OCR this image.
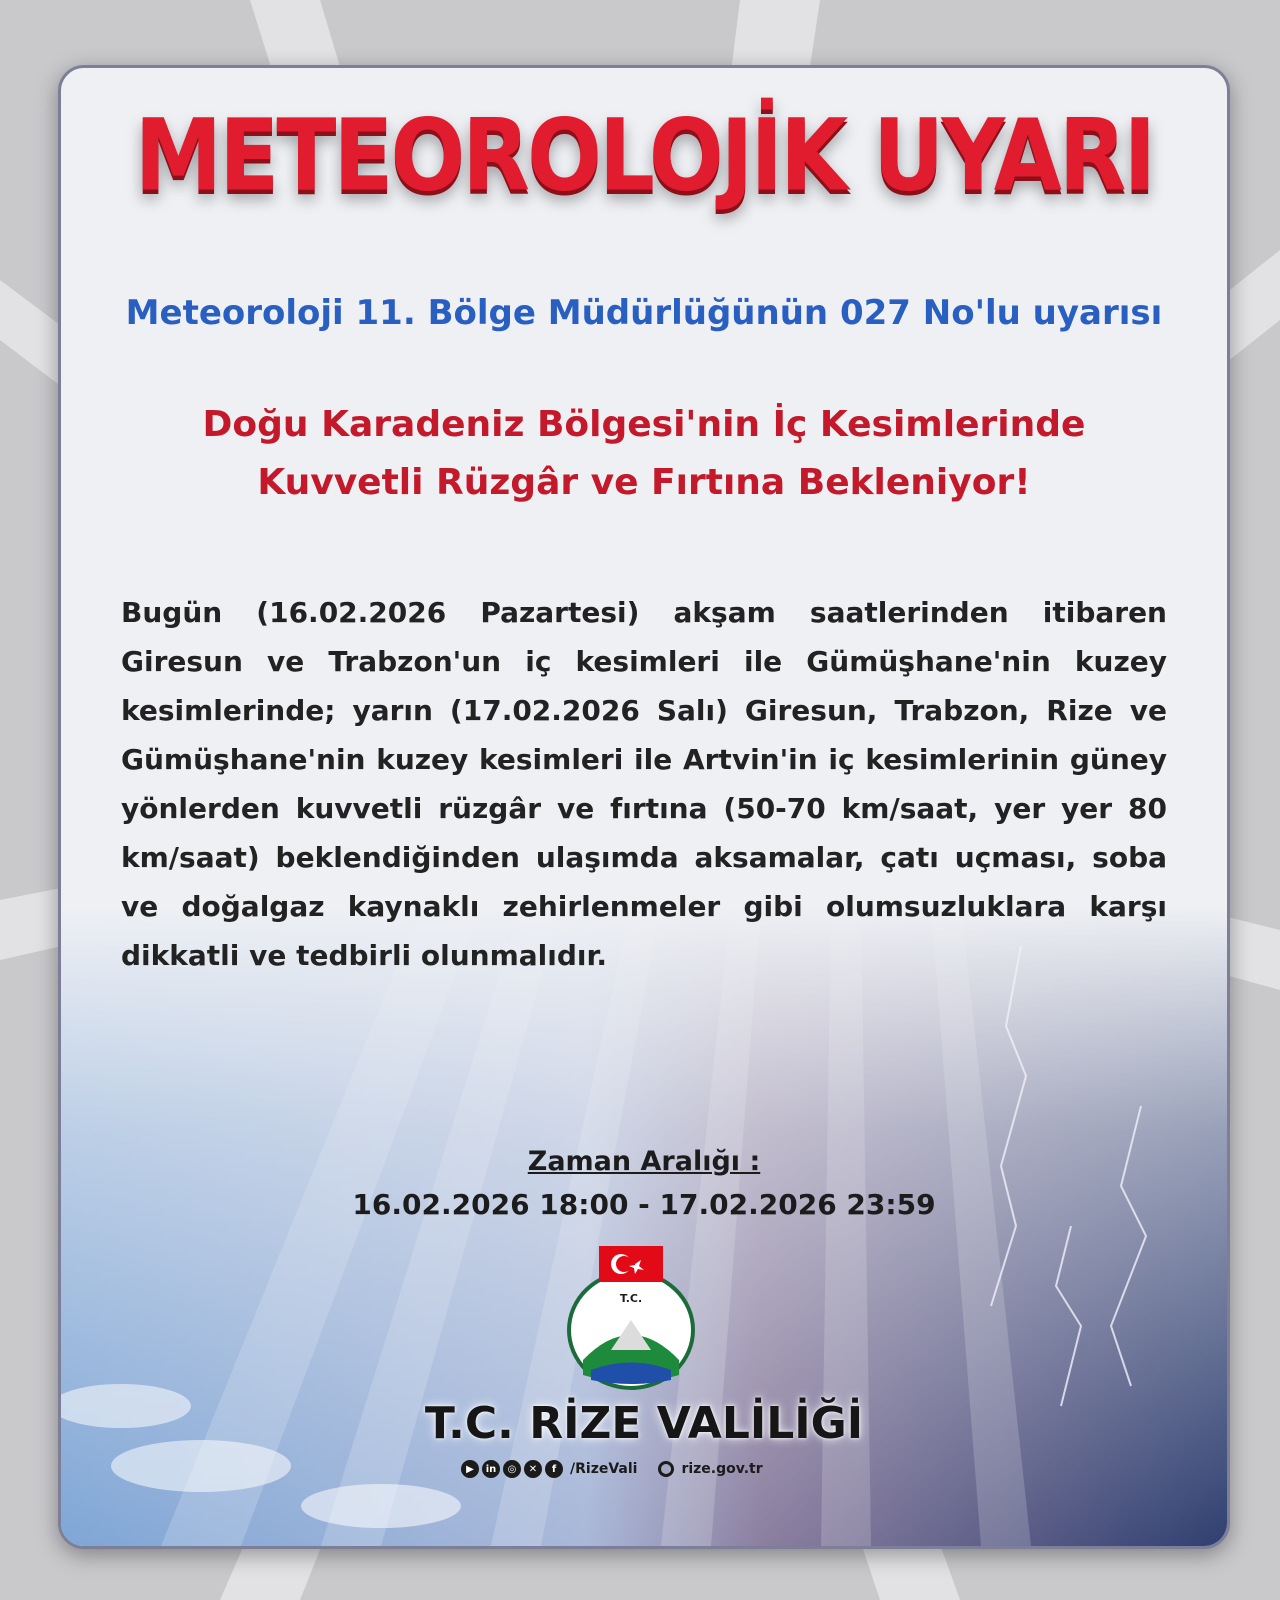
METEOROLOJİK UYARI
Meteoroloji 11. Bölge Müdürlüğünün 027 No'lu uyarısı
Doğu Karadeniz Bölgesi'nin İç Kesimlerinde
Kuvvetli Rüzgâr ve Fırtına Bekleniyor!

Bugün (16.02.2026 Pazartesi) akşam saatlerinden itibaren Giresun ve Trabzon'un iç kesimleri ile Gümüşhane'nin kuzey kesimlerinde; yarın (17.02.2026 Salı) Giresun, Trabzon, Rize ve Gümüşhane'nin kuzey kesimleri ile Artvin'in iç kesimlerinin güney yönlerden kuvvetli rüzgâr ve fırtına (50-70 km/saat, yer yer 80 km/saat) beklendiğinden ulaşımda aksamalar, çatı uçması, soba ve doğalgaz kaynaklı zehirlenmeler gibi olumsuzluklara karşı dikkatli ve tedbirli olunmalıdır.

Zaman Aralığı :
16.02.2026 18:00 - 17.02.2026 23:59
T.C.
T.C. RİZE VALİLİĞİ
▶	in	◎	✕	f /RizeVali	rize.gov.tr
